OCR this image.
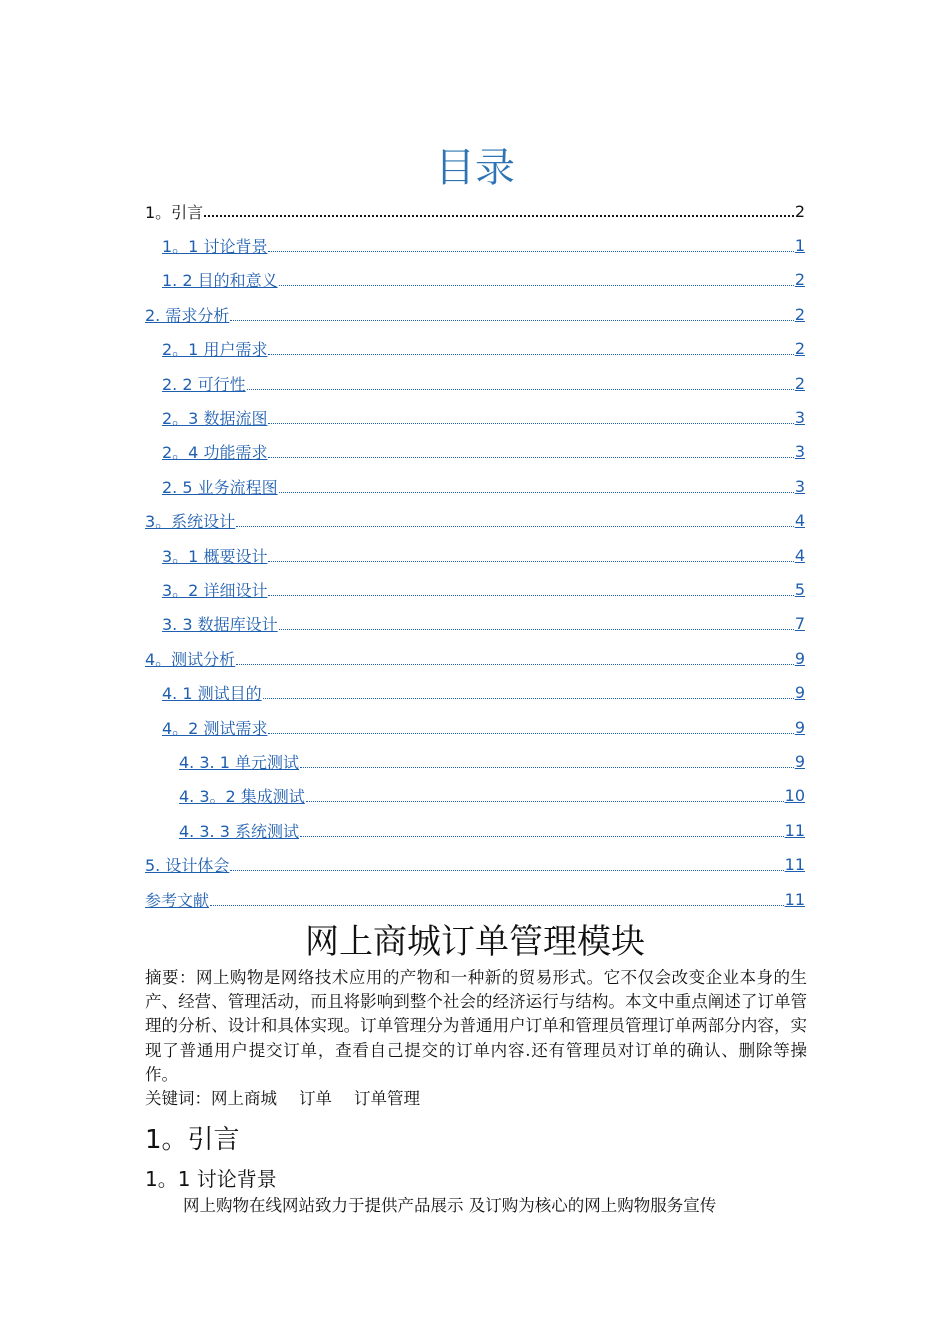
目录
1。引言	2
1。1 讨论背景	1
1. 2 目的和意义	2
2. 需求分析	2
2。1 用户需求	2
2. 2 可行性	2
2。3 数据流图	3
2。4 功能需求	3
2. 5 业务流程图	3
3。系统设计	4
3。1 概要设计	4
3。2 详细设计	5
3. 3 数据库设计	7
4。测试分析	9
4. 1 测试目的	9
4。2 测试需求	9
4. 3. 1 单元测试	9
4. 3。2 集成测试	10
4. 3. 3 系统测试	11
5. 设计体会	11
参考文献	11
网上商城订单管理模块

摘要：网上购物是网络技术应用的产物和一种新的贸易形式。它不仅会改变企业本身的生产、经营、管理活动，而且将影响到整个社会的经济运行与结构。本文中重点阐述了订单管理的分析、设计和具体实现。订单管理分为普通用户订单和管理员管理订单两部分内容，实现了普通用户提交订单，查看自己提交的订单内容.还有管理员对订单的确认、删除等操作。

关键词：网上商城 订单 订单管理

1。引言
1。1 讨论背景
网上购物在线网站致力于提供产品展示 及订购为核心的网上购物服务宣传
